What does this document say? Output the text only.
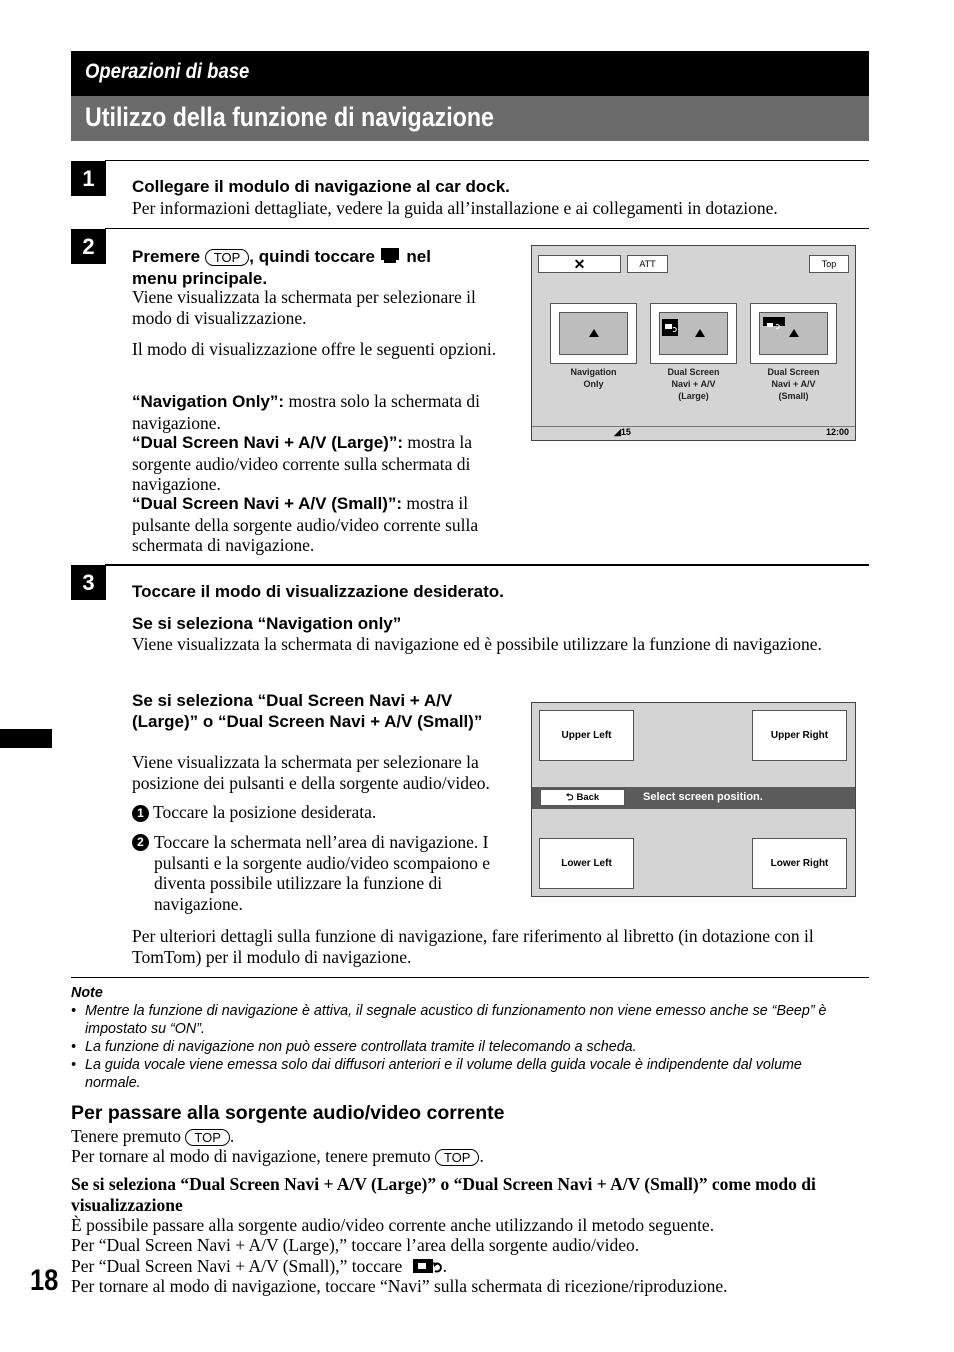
Operazioni di base
Utilizzo della funzione di navigazione
1	Collegare il modulo di navigazione al car dock.
Per informazioni dettagliate, vedere la guida all’installazione e ai collegamenti in dotazione.
2	Premere TOP , quindi toccare nel
menu principale.
Viene visualizzata la schermata per selezionare il modo di visualizzazione.
Il modo di visualizzazione offre le seguenti opzioni.
“Navigation Only”: mostra solo la schermata di navigazione.
“Dual Screen Navi + A/V (Large)”: mostra la sorgente audio/video corrente sulla schermata di navigazione.
“Dual Screen Navi + A/V (Small)”: mostra il pulsante della sorgente audio/video corrente sulla schermata di navigazione.
✕	ATT	Top
Navigation
Only
Dual Screen
Navi + A/V
(Large)
Dual Screen
Navi + A/V
(Small)
◢15	12:00
3	Toccare il modo di visualizzazione desiderato.
Se si seleziona “Navigation only”
Viene visualizzata la schermata di navigazione ed è possibile utilizzare la funzione di navigazione.
Se si seleziona “Dual Screen Navi + A/V (Large)” o “Dual Screen Navi + A/V (Small)”
Viene visualizzata la schermata per selezionare la posizione dei pulsanti e della sorgente audio/video.
1 Toccare la posizione desiderata.
2 Toccare la schermata nell’area di navigazione. I pulsanti e la sorgente audio/video scompaiono e diventa possibile utilizzare la funzione di navigazione.
Upper Left	Upper Right
⮌ Back	Select screen position.
Lower Left	Lower Right
Per ulteriori dettagli sulla funzione di navigazione, fare riferimento al libretto (in dotazione con il TomTom) per il modulo di navigazione.
Note
• Mentre la funzione di navigazione è attiva, il segnale acustico di funzionamento non viene emesso anche se “Beep” è impostato su “ON”.
• La funzione di navigazione non può essere controllata tramite il telecomando a scheda.
• La guida vocale viene emessa solo dai diffusori anteriori e il volume della guida vocale è indipendente dal volume normale.
Per passare alla sorgente audio/video corrente
Tenere premuto TOP .
Per tornare al modo di navigazione, tenere premuto TOP .
Se si seleziona “Dual Screen Navi + A/V (Large)” o “Dual Screen Navi + A/V (Small)” come modo di visualizzazione
È possibile passare alla sorgente audio/video corrente anche utilizzando il metodo seguente.
Per “Dual Screen Navi + A/V (Large),” toccare l’area della sorgente audio/video.
Per “Dual Screen Navi + A/V (Small),” toccare .
Per tornare al modo di navigazione, toccare “Navi” sulla schermata di ricezione/riproduzione.
18
